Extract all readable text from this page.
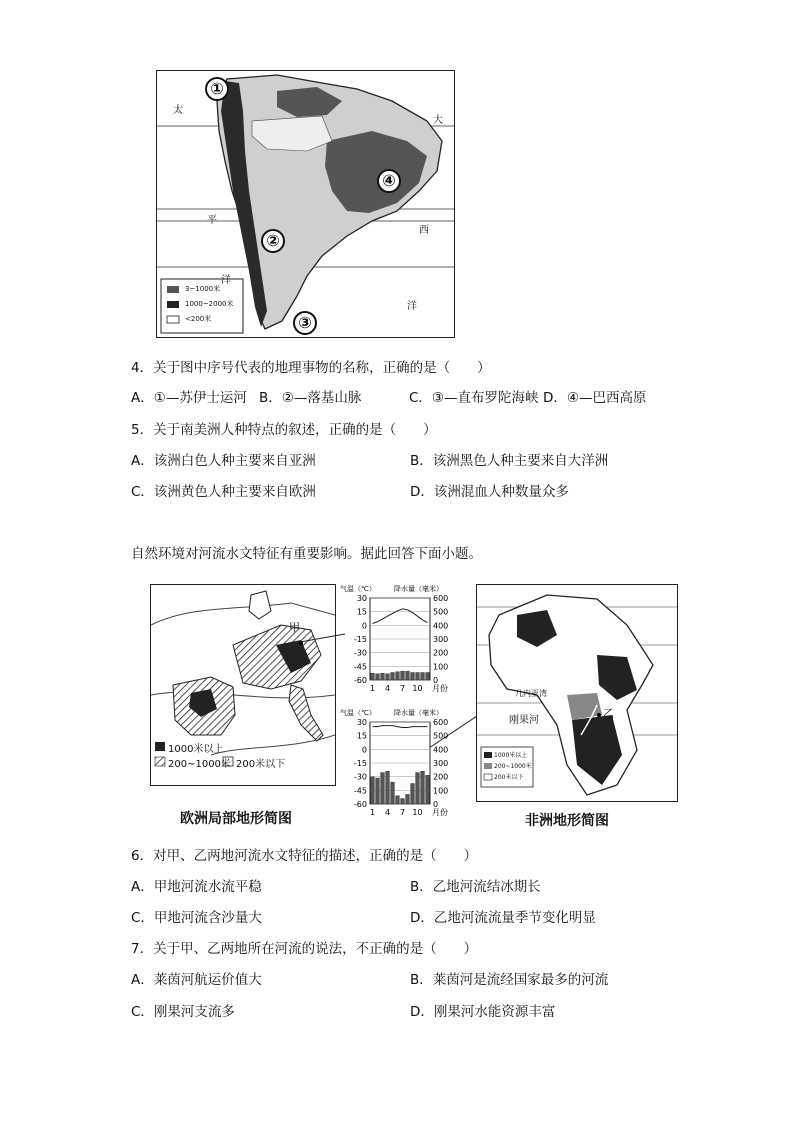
3~1000米
1000~2000米
<200米
太
平
洋
大
西
洋
①
②
③
④
4．关于图中序号代表的地理事物的名称，正确的是（　　）
A．①—苏伊士运河 B．②—落基山脉	C．③—直布罗陀海峡 D．④—巴西高原
5．关于南美洲人种特点的叙述，正确的是（　　）
A．该洲白色人种主要来自亚洲	B．该洲黑色人种主要来自大洋洲
C．该洲黄色人种主要来自欧洲	D．该洲混血人种数量众多
自然环境对河流水文特征有重要影响。据此回答下面小题。
1000米以上
200~1000米 200米以下
甲
气温（℃）	降水量（毫米）
30
15
0
-15
-30
-45
-60
600
500
400
300
200
100
0
1 4 7 10 月份
气温（℃）	降水量（毫米）
30
15
0
-15
-30
-45
-60
600
500
400
300
200
100
0
1 4 7 10 月份
几内亚湾
刚果河
乙
1000米以上
200~1000米
200米以下
欧洲局部地形简图	非洲地形简图
6．对甲、乙两地河流水文特征的描述，正确的是（　　）
A．甲地河流水流平稳	B．乙地河流结冰期长
C．甲地河流含沙量大	D．乙地河流流量季节变化明显
7．关于甲、乙两地所在河流的说法，不正确的是（　　）
A．莱茵河航运价值大	B．莱茵河是流经国家最多的河流
C．刚果河支流多	D．刚果河水能资源丰富
